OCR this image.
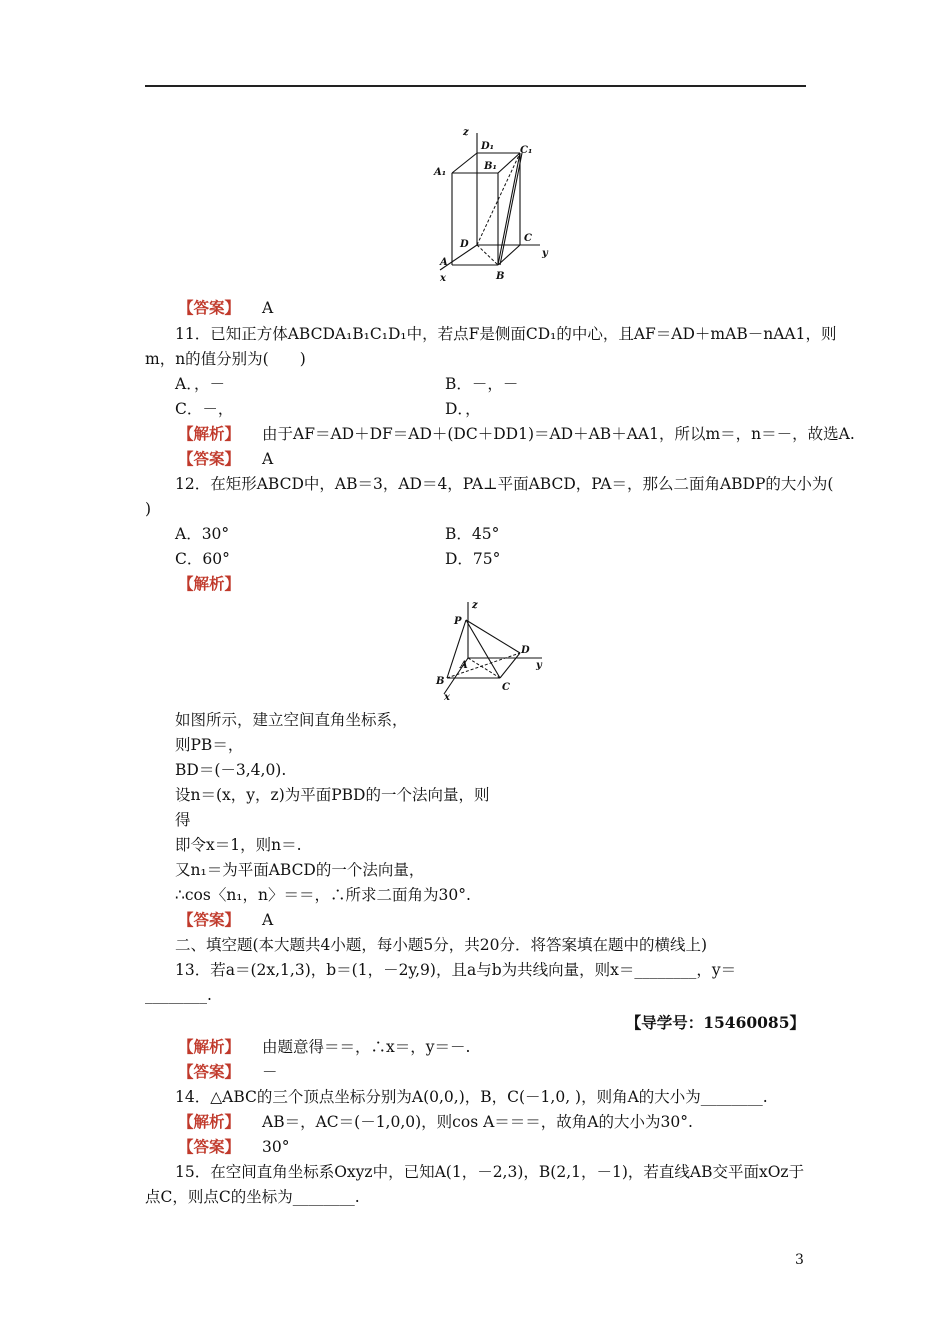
z
D₁	C₁
A₁
B₁
D
C
y
A
B
x
【答案】 A
11．已知正方体ABCDA₁B₁C₁D₁中，若点F是侧面CD₁的中心，且AF＝AD＋mAB－nAA1，则
m，n的值分别为(　　)
A．，－	B．－，－
C．－，	D．，
【解析】 由于AF＝AD＋DF＝AD＋(DC＋DD1)＝AD＋AB＋AA1，所以m＝，n＝－，故选A.
【答案】 A
12．在矩形ABCD中，AB＝3，AD＝4，PA⊥平面ABCD，PA＝，那么二面角ABDP的大小为(
)
A．30°	B．45°
C．60°	D．75°
【解析】
z
P
A
D
y
B
C
x
如图所示，建立空间直角坐标系，
则PB＝，
BD＝(－3,4,0).
设n＝(x，y，z)为平面PBD的一个法向量，则
得
即令x＝1，则n＝.
又n₁＝为平面ABCD的一个法向量，
∴cos〈n₁，n〉＝＝，∴所求二面角为30°.
【答案】 A
二、填空题(本大题共4小题，每小题5分，共20分．将答案填在题中的横线上)
13．若a＝(2x,1,3)，b＝(1，－2y,9)，且a与b为共线向量，则x＝________，y＝
________.
【导学号：15460085】
【解析】 由题意得＝＝，∴x＝，y＝－.
【答案】 －
14．△ABC的三个顶点坐标分别为A(0,0,)，B，C(－1,0, )，则角A的大小为________.
【解析】 AB＝，AC＝(－1,0,0)，则cos A＝＝＝，故角A的大小为30°.
【答案】 30°
15．在空间直角坐标系Oxyz中，已知A(1，－2,3)，B(2,1，－1)，若直线AB交平面xOz于
点C，则点C的坐标为________.
3
